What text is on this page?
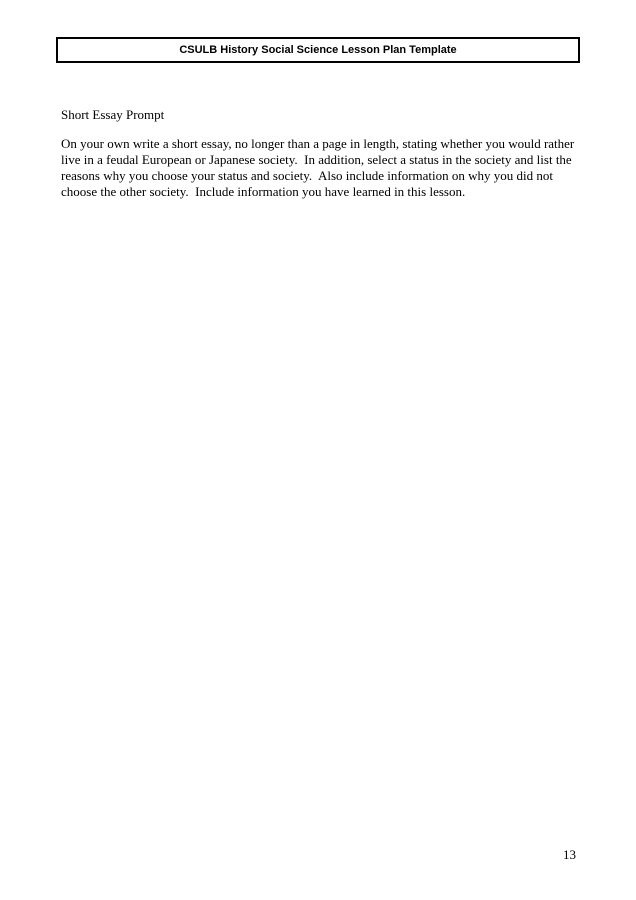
CSULB History Social Science Lesson Plan Template
Short Essay Prompt

On your own write a short essay, no longer than a page in length, stating whether you would rather
live in a feudal European or Japanese society.  In addition, select a status in the society and list the
reasons why you choose your status and society.  Also include information on why you did not
choose the other society.  Include information you have learned in this lesson.

13
